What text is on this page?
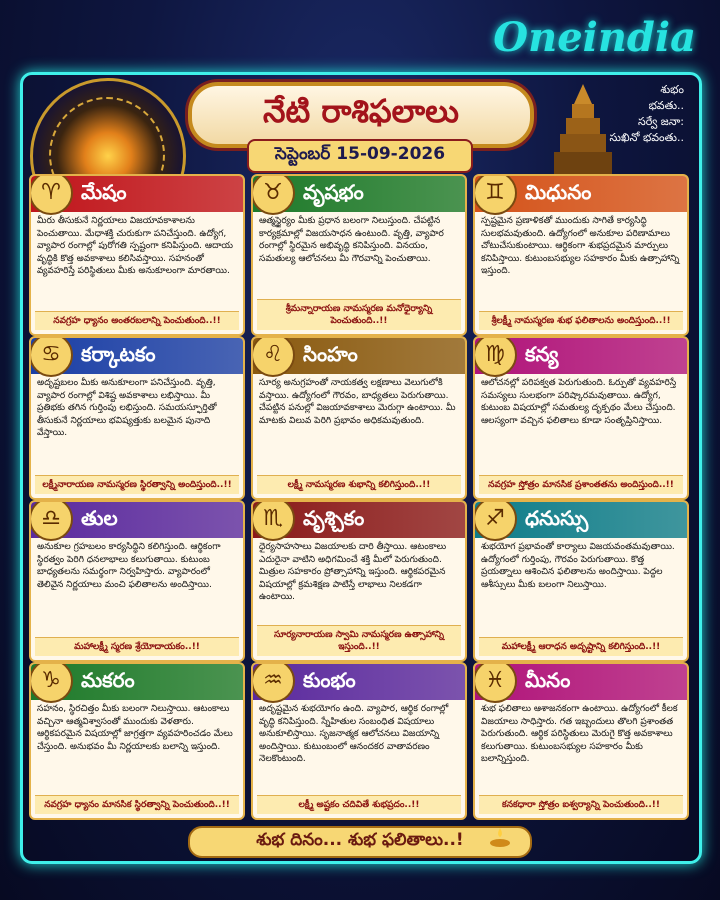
Oneindia
శుభం
భవతు..
సర్వే జనా:
సుఖినో భవంతు..
నేటి రాశిఫలాలు
సెప్టెంబర్ 15-09-2026
♈	మేషం
మీరు తీసుకునే నిర్ణయాలు విజయావకాశాలను పెంచుతాయి. మేధాశక్తి చురుకుగా పనిచేస్తుంది. ఉద్యోగ, వ్యాపార రంగాల్లో పురోగతి స్పష్టంగా కనిపిస్తుంది. ఆదాయ వృద్ధికి కొత్త అవకాశాలు కలిసివస్తాయి. సహనంతో వ్యవహరిస్తే పరిస్థితులు మీకు అనుకూలంగా మారతాయి.
నవగ్రహ ధ్యానం అంతరబలాన్ని పెంచుతుంది..!!
♉	వృషభం
ఆత్మస్థైర్యం మీకు ప్రధాన బలంగా నిలుస్తుంది. చేపట్టిన కార్యక్రమాల్లో విజయసాధన ఉంటుంది. వృత్తి, వ్యాపార రంగాల్లో స్థిరమైన అభివృద్ధి కనిపిస్తుంది. వినయం, సమతుల్య ఆలోచనలు మీ గౌరవాన్ని పెంచుతాయి.
శ్రీమన్నారాయణ నామస్మరణ మనోధైర్యాన్ని పెంచుతుంది..!!
♊	మిధునం
స్పష్టమైన ప్రణాళికతో ముందుకు సాగితే కార్యసిద్ధి సులభమవుతుంది. ఉద్యోగంలో అనుకూల పరిణామాలు చోటుచేసుకుంటాయి. ఆర్థికంగా శుభప్రదమైన మార్పులు కనిపిస్తాయి. కుటుంబసభ్యుల సహకారం మీకు ఉత్సాహాన్ని ఇస్తుంది.
శ్రీలక్ష్మీ నామస్మరణ శుభ ఫలితాలను అందిస్తుంది..!!
♋	కర్కాటకం
అదృష్టబలం మీకు అనుకూలంగా పనిచేస్తుంది. వృత్తి, వ్యాపార రంగాల్లో విశిష్ట అవకాశాలు లభిస్తాయి. మీ ప్రతిభకు తగిన గుర్తింపు లభిస్తుంది. సమయస్ఫూర్తితో తీసుకునే నిర్ణయాలు భవిష్యత్తుకు బలమైన పునాది వేస్తాయి.
లక్ష్మీనారాయణ నామస్మరణ స్థిరత్వాన్ని అందిస్తుంది..!!
♌	సింహం
సూర్య అనుగ్రహంతో నాయకత్వ లక్షణాలు వెలుగులోకి వస్తాయి. ఉద్యోగంలో గౌరవం, బాధ్యతలు పెరుగుతాయి. చేపట్టిన పనుల్లో విజయావకాశాలు మెరుగ్గా ఉంటాయి. మీ మాటకు విలువ పెరిగి ప్రభావం అధికమవుతుంది.
లక్ష్మీ నామస్మరణ శుభాన్ని కలిగిస్తుంది..!!
♍	కన్య
ఆలోచనల్లో పరిపక్వత పెరుగుతుంది. ఓర్పుతో వ్యవహరిస్తే సమస్యలు సులభంగా పరిష్కారమవుతాయి. ఉద్యోగ, కుటుంబ విషయాల్లో సమతుల్య దృక్పథం మేలు చేస్తుంది. ఆలస్యంగా వచ్చిన ఫలితాలు కూడా సంతృప్తినిస్తాయి.
నవగ్రహ స్తోత్రం మానసిక ప్రశాంతతను అందిస్తుంది..!!
♎	తుల
అనుకూల గ్రహబలం కార్యసిద్ధిని కలిగిస్తుంది. ఆర్థికంగా స్థిరత్వం పెరిగి ధనలాభాలు కలుగుతాయి. కుటుంబ బాధ్యతలను సమర్థంగా నిర్వహిస్తారు. వ్యాపారంలో తెలివైన నిర్ణయాలు మంచి ఫలితాలను అందిస్తాయి.
మహాలక్ష్మీ స్మరణ శ్రేయోదాయకం..!!
♏	వృశ్చికం
ధైర్యసాహసాలు విజయాలకు దారి తీస్తాయి. ఆటంకాలు ఎదురైనా వాటిని అధిగమించే శక్తి మీలో పెరుగుతుంది. మిత్రుల సహకారం ప్రోత్సాహాన్ని ఇస్తుంది. ఆర్థికపరమైన విషయాల్లో క్రమశిక్షణ పాటిస్తే లాభాలు నిలకడగా ఉంటాయి.
సూర్యనారాయణ స్వామి నామస్మరణ ఉత్సాహాన్ని ఇస్తుంది..!!
♐	ధనుస్సు
శుభయోగ ప్రభావంతో కార్యాలు విజయవంతమవుతాయి. ఉద్యోగంలో గుర్తింపు, గౌరవం పెరుగుతాయి. కొత్త ప్రయత్నాలు ఆశించిన ఫలితాలను అందిస్తాయి. పెద్దల ఆశీస్సులు మీకు బలంగా నిలుస్తాయి.
మహాలక్ష్మీ ఆరాధన అదృష్టాన్ని కలిగిస్తుంది..!!
♑	మకరం
సహనం, స్థిరచిత్తం మీకు బలంగా నిలుస్తాయి. ఆటంకాలు వచ్చినా ఆత్మవిశ్వాసంతో ముందుకు వెళతారు. ఆర్థికపరమైన విషయాల్లో జాగ్రత్తగా వ్యవహరించడం మేలు చేస్తుంది. అనుభవం మీ నిర్ణయాలకు బలాన్ని ఇస్తుంది.
నవగ్రహ ధ్యానం మానసిక స్థిరత్వాన్ని పెంచుతుంది..!!
♒	కుంభం
అదృష్టమైన శుభయోగం ఉంది. వ్యాపార, ఆర్థిక రంగాల్లో వృద్ధి కనిపిస్తుంది. స్నేహితుల సంబంధిత విషయాలు అనుకూలిస్తాయి. సృజనాత్మక ఆలోచనలు విజయాన్ని అందిస్తాయి. కుటుంబంలో ఆనందకర వాతావరణం నెలకొంటుంది.
లక్ష్మీ అష్టకం చదివితే శుభప్రదం..!!
♓	మీనం
శుభ ఫలితాలు ఆశాజనకంగా ఉంటాయి. ఉద్యోగంలో కీలక విజయాలు సాధిస్తారు. గత ఇబ్బందులు తొలగి ప్రశాంతత పెరుగుతుంది. ఆర్థిక పరిస్థితులు మెరుగై కొత్త అవకాశాలు కలుగుతాయి. కుటుంబసభ్యుల సహకారం మీకు బలాన్నిస్తుంది.
కనకధారా స్తోత్రం ఐశ్వర్యాన్ని పెంచుతుంది..!!
శుభ దినం... శుభ ఫలితాలు..!
